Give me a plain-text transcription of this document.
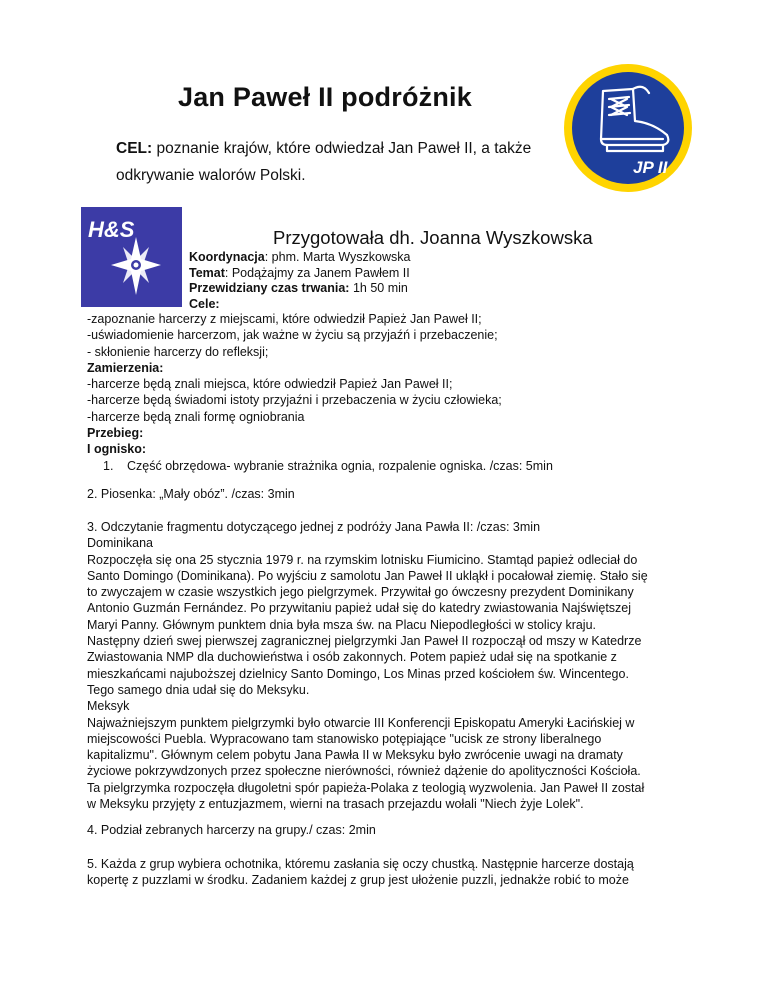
Jan Paweł II podróżnik
CEL: poznanie krajów, które odwiedzał Jan Paweł II, a także odkrywanie walorów Polski.	JP II
H&S	Przygotowała dh. Joanna Wyszkowska
Koordynacja: phm. Marta Wyszkowska
Temat: Podążajmy za Janem Pawłem II
Przewidziany czas trwania: 1h 50 min
Cele:
-zapoznanie harcerzy z miejscami, które odwiedził Papież Jan Paweł II;
-uświadomienie harcerzom, jak ważne w życiu są przyjaźń i przebaczenie;
- skłonienie harcerzy do refleksji;
Zamierzenia:
-harcerze będą znali miejsca, które odwiedził Papież Jan Paweł II;
-harcerze będą świadomi istoty przyjaźni i przebaczenia w życiu człowieka;
-harcerze będą znali formę ogniobrania
Przebieg:
I ognisko:
1. Część obrzędowa- wybranie strażnika ognia, rozpalenie ogniska. /czas: 5min
2. Piosenka: „Mały obóz”. /czas: 3min
3. Odczytanie fragmentu dotyczącego jednej z podróży Jana Pawła II: /czas: 3min
Dominikana
Rozpoczęła się ona 25 stycznia 1979 r. na rzymskim lotnisku Fiumicino. Stamtąd papież odleciał do
Santo Domingo (Dominikana). Po wyjściu z samolotu Jan Paweł II ukląkł i pocałował ziemię. Stało się
to zwyczajem w czasie wszystkich jego pielgrzymek. Przywitał go ówczesny prezydent Dominikany
Antonio Guzmán Fernández. Po przywitaniu papież udał się do katedry zwiastowania Najświętszej
Maryi Panny. Głównym punktem dnia była msza św. na Placu Niepodległości w stolicy kraju.
Następny dzień swej pierwszej zagranicznej pielgrzymki Jan Paweł II rozpoczął od mszy w Katedrze
Zwiastowania NMP dla duchowieństwa i osób zakonnych. Potem papież udał się na spotkanie z
mieszkańcami najuboższej dzielnicy Santo Domingo, Los Minas przed kościołem św. Wincentego.
Tego samego dnia udał się do Meksyku.
Meksyk
Najważniejszym punktem pielgrzymki było otwarcie III Konferencji Episkopatu Ameryki Łacińskiej w
miejscowości Puebla. Wypracowano tam stanowisko potępiające "ucisk ze strony liberalnego
kapitalizmu". Głównym celem pobytu Jana Pawła II w Meksyku było zwrócenie uwagi na dramaty
życiowe pokrzywdzonych przez społeczne nierówności, również dążenie do apolityczności Kościoła.
Ta pielgrzymka rozpoczęła długoletni spór papieża-Polaka z teologią wyzwolenia. Jan Paweł II został
w Meksyku przyjęty z entuzjazmem, wierni na trasach przejazdu wołali "Niech żyje Lolek".
4. Podział zebranych harcerzy na grupy./ czas: 2min
5. Każda z grup wybiera ochotnika, któremu zasłania się oczy chustką. Następnie harcerze dostają
kopertę z puzzlami w środku. Zadaniem każdej z grup jest ułożenie puzzli, jednakże robić to może
